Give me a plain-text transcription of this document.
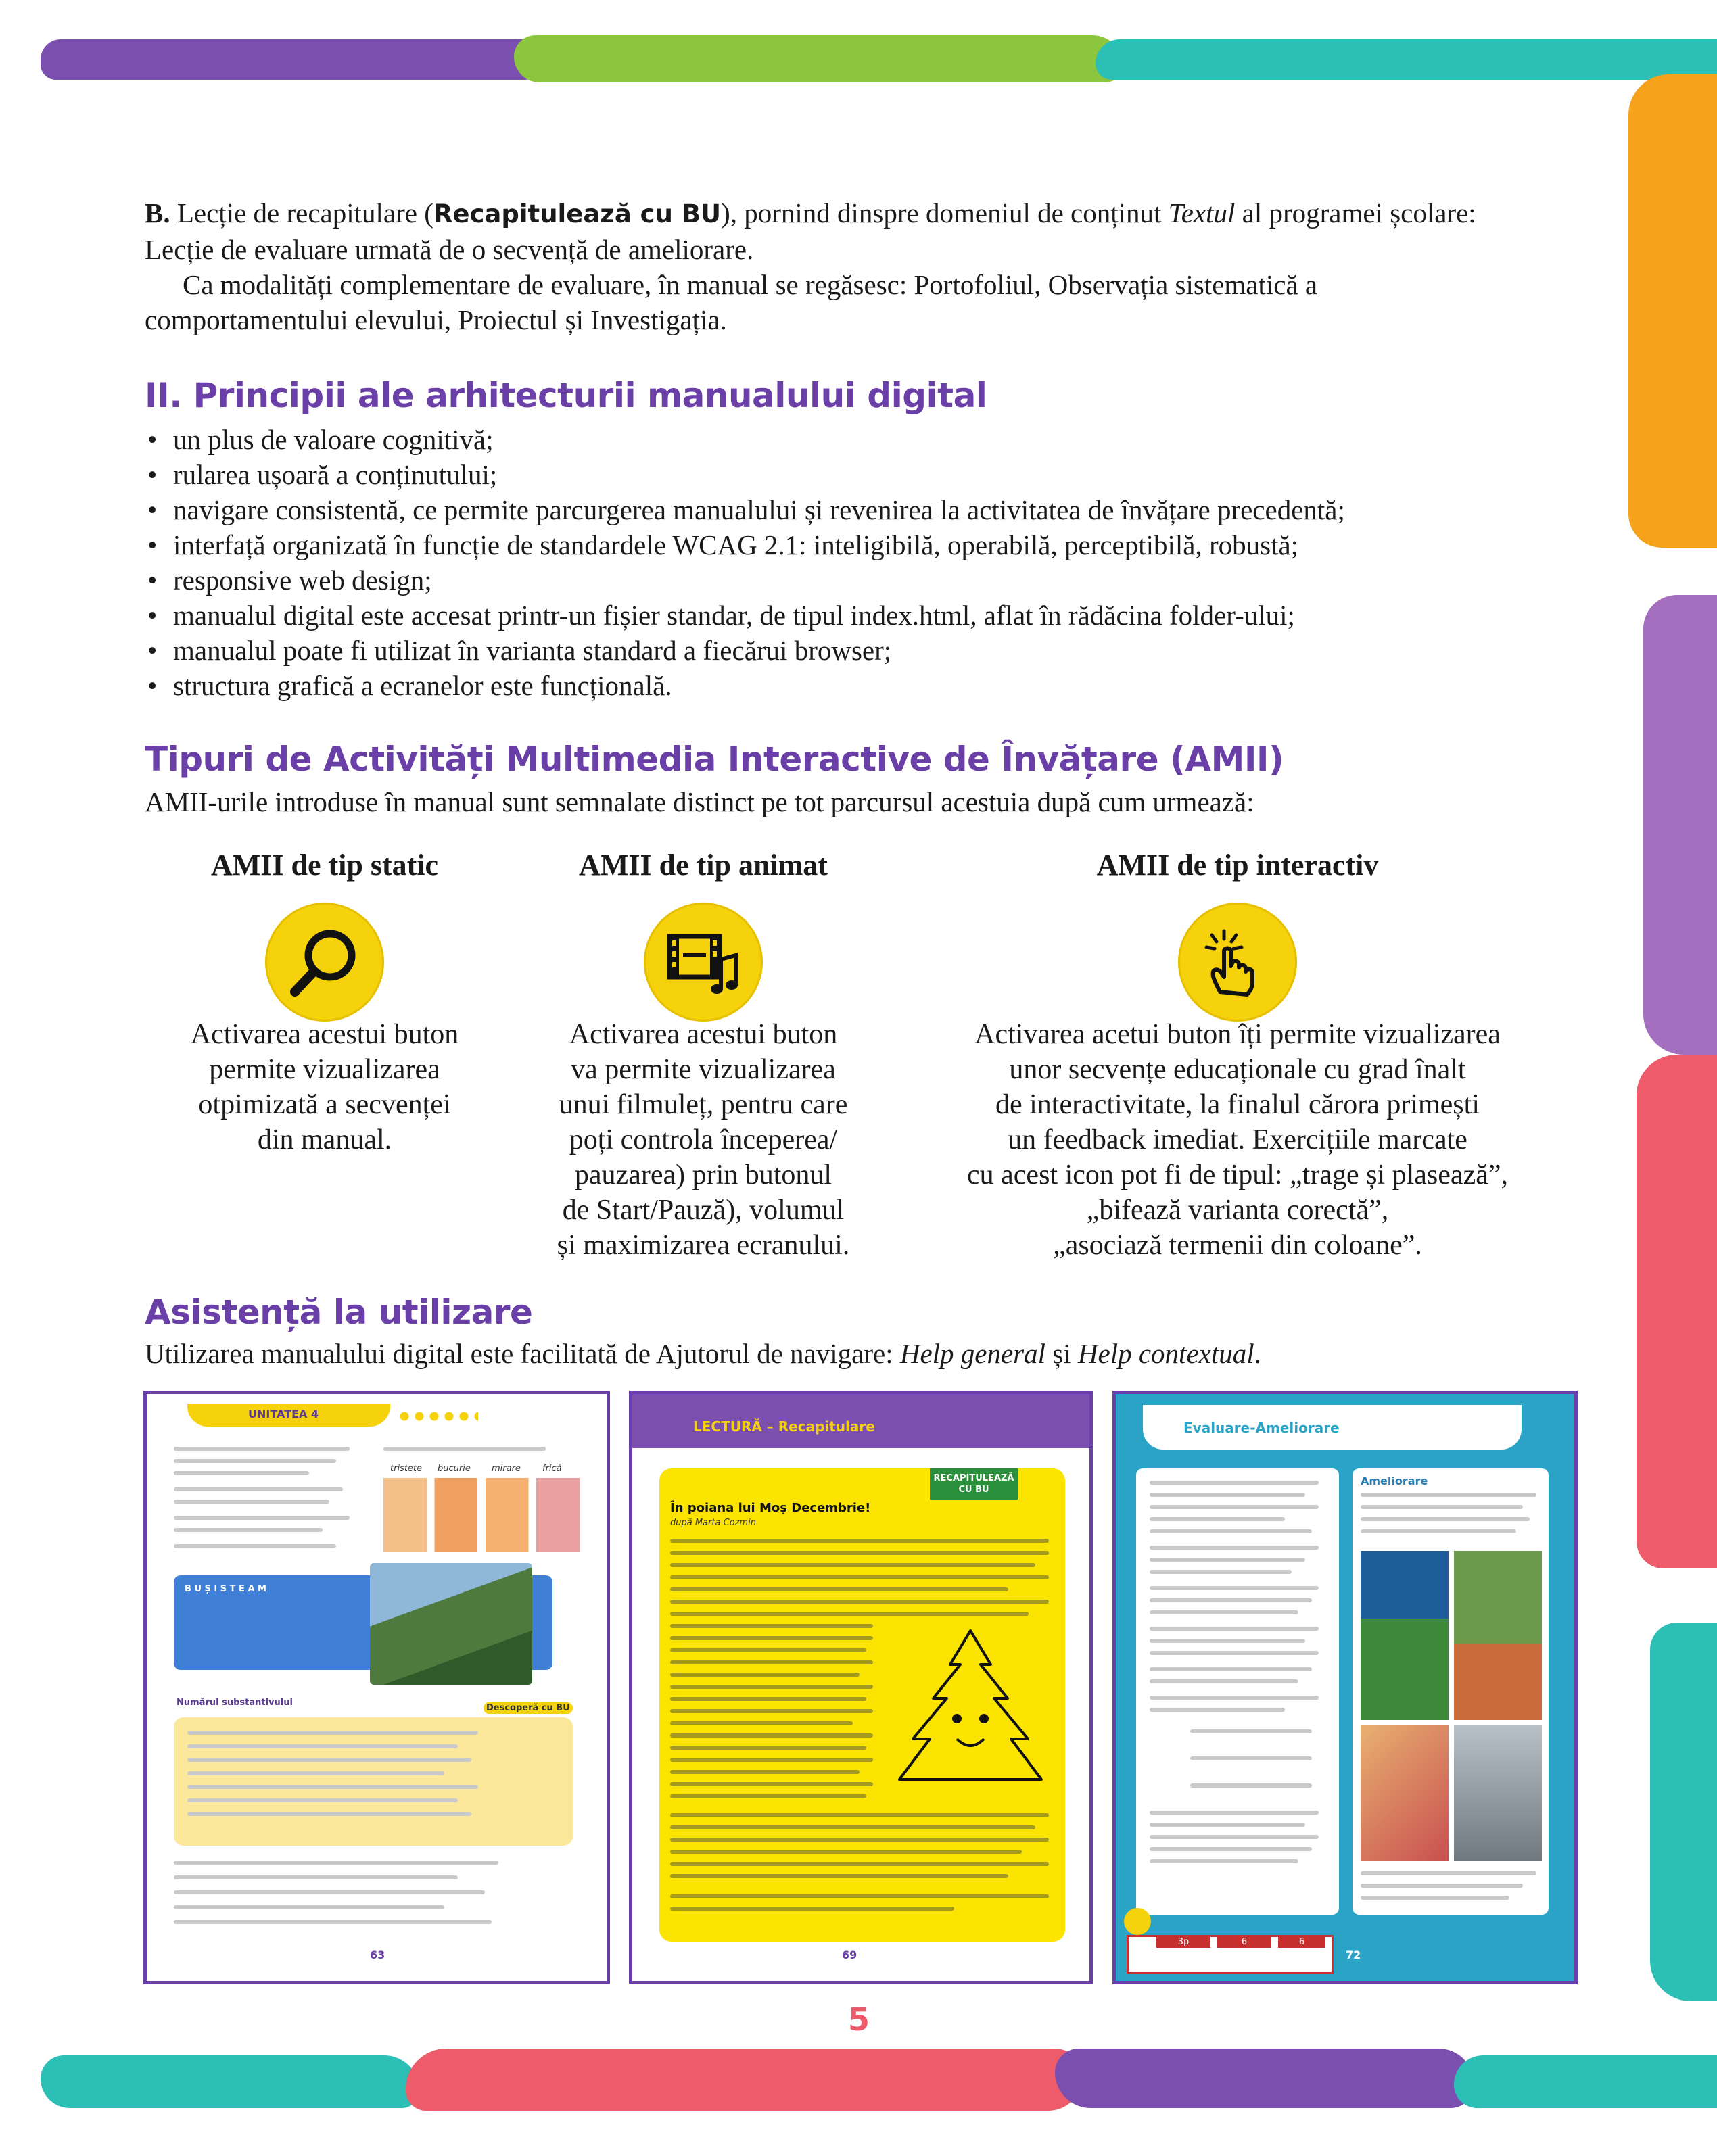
B. Lecție de recapitulare (Recapitulează cu BU), pornind dinspre domeniul de conținut Textul al programei școlare:
Lecție de evaluare urmată de o secvență de ameliorare.
Ca modalități complementare de evaluare, în manual se regăsesc: Portofoliul, Observația sistematică a
comportamentului elevului, Proiectul și Investigația.
II. Principii ale arhitecturii manualului digital
• un plus de valoare cognitivă;
• rularea ușoară a conținutului;
• navigare consistentă, ce permite parcurgerea manualului și revenirea la activitatea de învățare precedentă;
• interfață organizată în funcție de standardele WCAG 2.1: inteligibilă, operabilă, perceptibilă, robustă;
• responsive web design;
• manualul digital este accesat printr-un fișier standar, de tipul index.html, aflat în rădăcina folder-ului;
• manualul poate fi utilizat în varianta standard a fiecărui browser;
• structura grafică a ecranelor este funcțională.
Tipuri de Activități Multimedia Interactive de Învățare (AMII)
AMII-urile introduse în manual sunt semnalate distinct pe tot parcursul acestuia după cum urmează:
AMII de tip static
Activarea acestui buton
permite vizualizarea
otpimizată a secvenței
din manual.
AMII de tip animat
Activarea acestui buton
va permite vizualizarea
unui filmuleț, pentru care
poți controla începerea/
pauzarea) prin butonul
de Start/Pauză), volumul
și maximizarea ecranului.
AMII de tip interactiv
Activarea acetui buton îți permite vizualizarea
unor secvențe educaționale cu grad înalt
de interactivitate, la finalul cărora primești
un feedback imediat. Exercițiile marcate
cu acest icon pot fi de tipul: „trage și plasează”,
„bifează varianta corectă”,
„asociază termenii din coloane”.
Asistență la utilizare
Utilizarea manualului digital este facilitată de Ajutorul de navigare: Help general și Help contextual.
UNITATEA 4
tristețe bucurie mirare frică
B U Ș I S T E A M
Numărul substantivului
Descoperă cu BU
63
LECTURĂ – Recapitulare
RECAPITULEAZĂ CU BU
În poiana lui Moș Decembrie!
după Marta Cozmin
69
Evaluare-Ameliorare
Ameliorare
3p	6	6
72
5
